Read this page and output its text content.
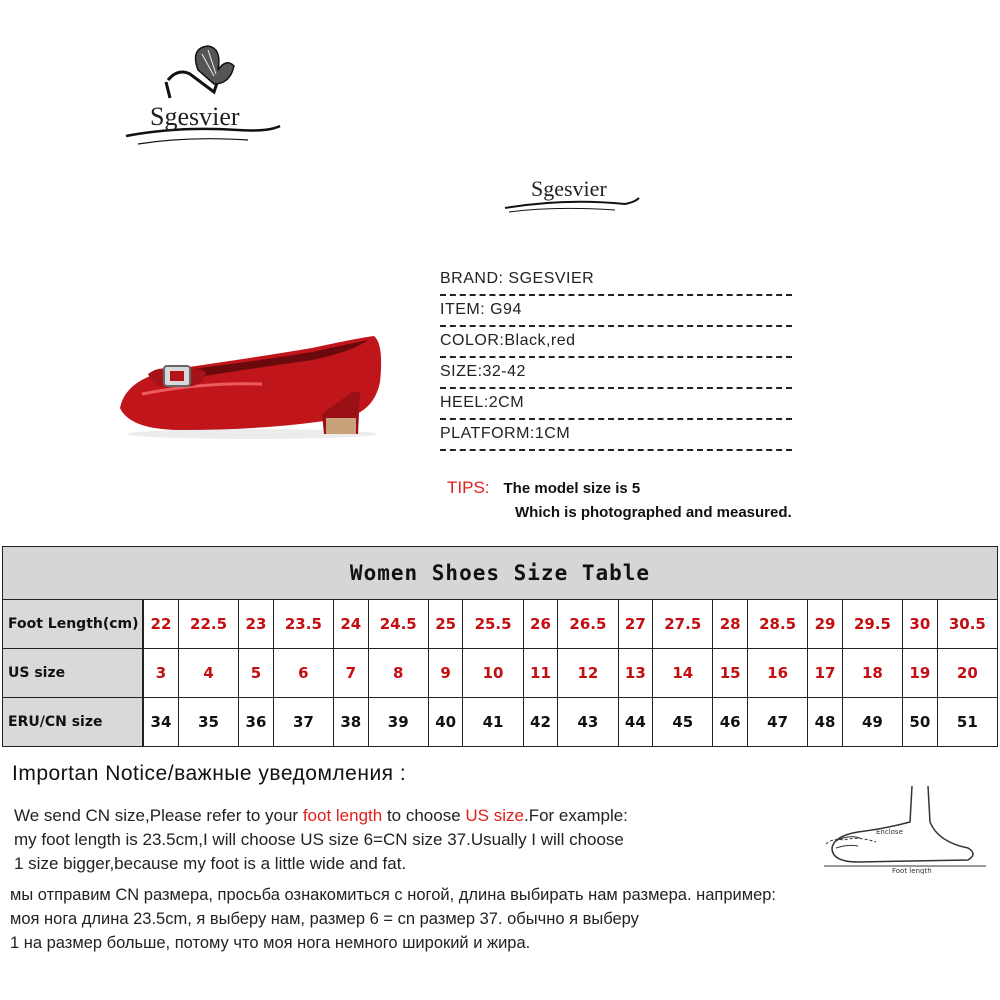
Sgesvier
Sgesvier
BRAND: SGESVIER
ITEM: G94
COLOR:Black,red
SIZE:32-42
HEEL:2CM
PLATFORM:1CM
TIPS: The model size is 5
Which is photographed and measured.
Women Shoes Size Table																		
Foot Length(cm)	22	22.5	23	23.5	24	24.5	25	25.5	26	26.5	27	27.5	28	28.5	29	29.5	30	30.5
US size	3	4	5	6	7	8	9	10	11	12	13	14	15	16	17	18	19	20
ERU/CN size	34	35	36	37	38	39	40	41	42	43	44	45	46	47	48	49	50	51
Importan Notice/важные уведомления :
We send CN size,Please refer to your foot length to choose US size.For example:
my foot length is 23.5cm,I will choose US size 6=CN size 37.Usually I will choose
1 size bigger,because my foot is a little wide and fat.
мы отправим CN размера, просьба ознакомиться с ногой, длина выбирать нам размера. например:
моя нога длина 23.5cm, я выберу нам, размер 6 = cn размер 37. обычно я выберу
1 на размер больше, потому что моя нога немного широкий и жира.
Enclose
Foot length
